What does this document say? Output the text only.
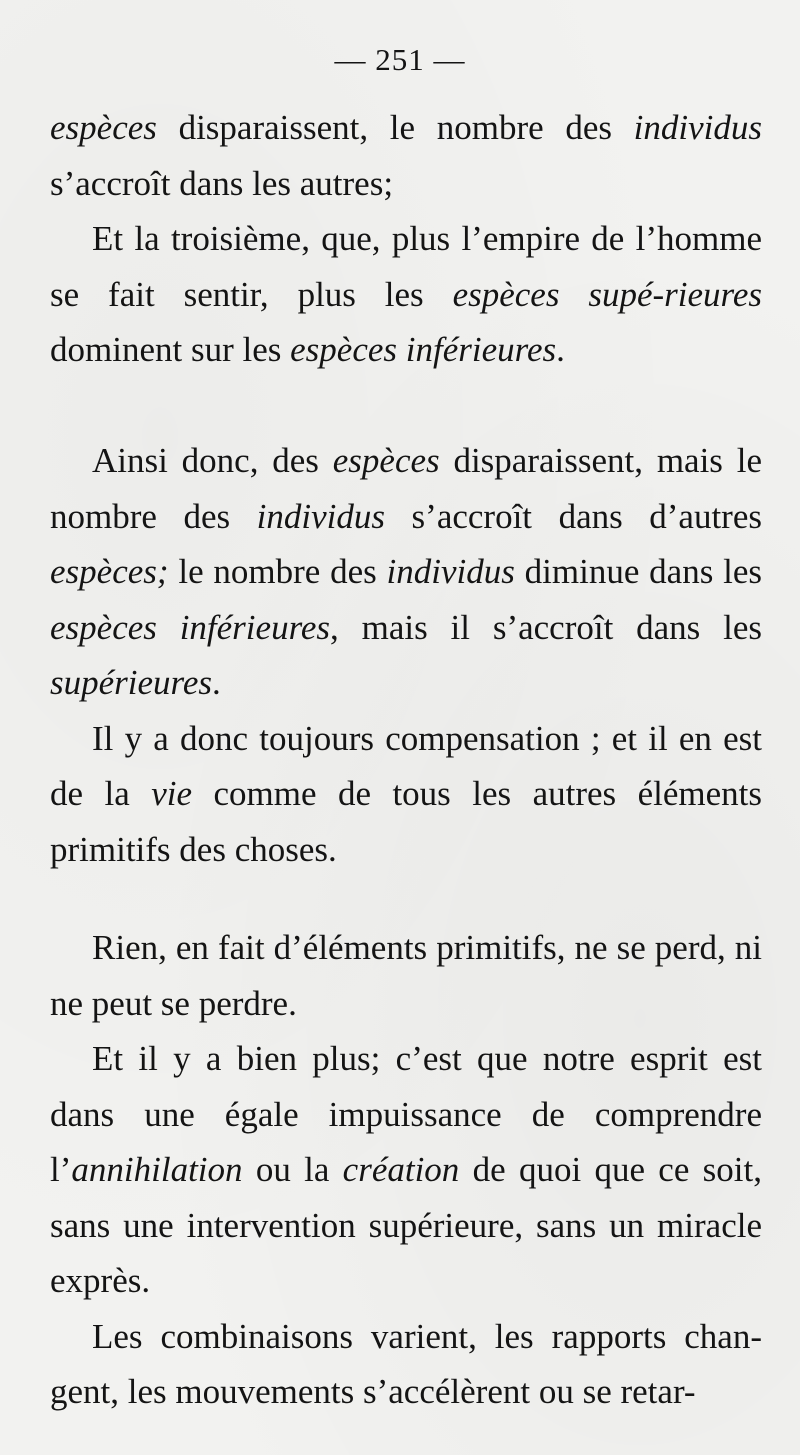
— 251 —

espèces disparaissent, le nombre des individus s’accroît dans les autres;

Et la troisième, que, plus l’empire de l’homme se fait sentir, plus les espèces supé-rieures dominent sur les espèces inférieures.

Ainsi donc, des espèces disparaissent, mais le nombre des individus s’accroît dans d’autres espèces; le nombre des individus diminue dans les espèces inférieures, mais il s’accroît dans les supérieures.

Il y a donc toujours compensation ; et il en est de la vie comme de tous les autres éléments primitifs des choses.

Rien, en fait d’éléments primitifs, ne se perd, ni ne peut se perdre.

Et il y a bien plus; c’est que notre esprit est dans une égale impuissance de comprendre l’annihilation ou la création de quoi que ce soit, sans une intervention supérieure, sans un miracle exprès.

Les combinaisons varient, les rapports chan-gent, les mouvements s’accélèrent ou se retar-
